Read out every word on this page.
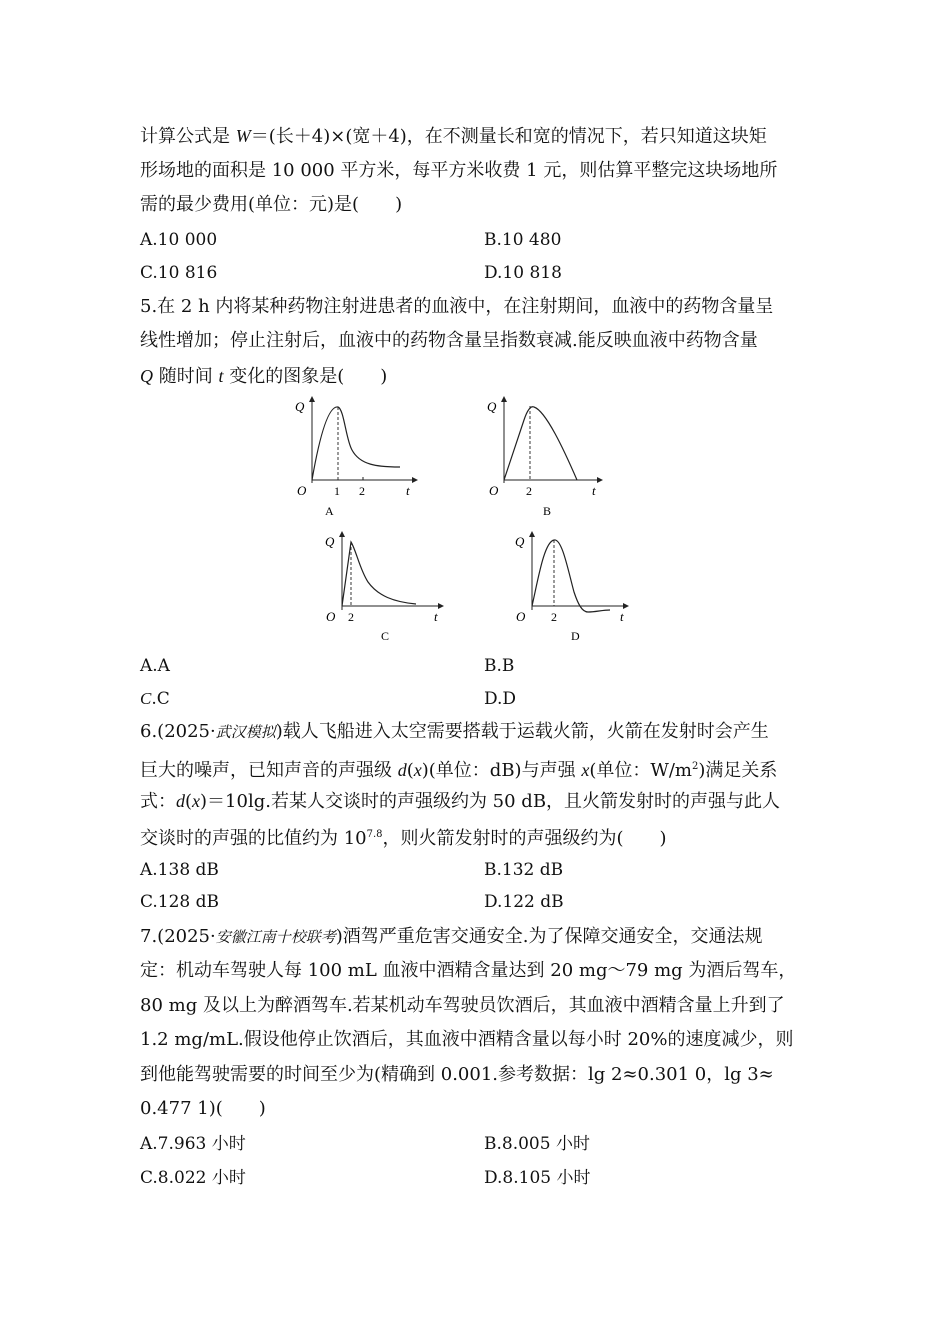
计算公式是 W＝(长＋4)×(宽＋4)，在不测量长和宽的情况下，若只知道这块矩
形场地的面积是 10 000 平方米，每平方米收费 1 元，则估算平整完这块场地所
需的最少费用(单位：元)是(　　)
A.10 000	B.10 480
C.10 816	D.10 818
5.在 2 h 内将某种药物注射进患者的血液中，在注射期间，血液中的药物含量呈
线性增加；停止注射后，血液中的药物含量呈指数衰减.能反映血液中药物含量
Q 随时间 t 变化的图象是(　　)
Q
O 1 2	t
A
Q
O 2	t
B
Q
O 2	t
C
Q
O 2	t
D
A.A	B.B
C.C	D.D
6.(2025·武汉模拟)载人飞船进入太空需要搭载于运载火箭，火箭在发射时会产生
巨大的噪声，已知声音的声强级 d(x)(单位：dB)与声强 x(单位：$W/m^2$)满足关系
式：d(x)＝10lg.若某人交谈时的声强级约为 50 dB，且火箭发射时的声强与此人
交谈时的声强的比值约为 $10^{7.8}$，则火箭发射时的声强级约为(　　)
A.138 dB	B.132 dB
C.128 dB	D.122 dB
7.(2025·安徽江南十校联考)酒驾严重危害交通安全.为了保障交通安全，交通法规
定：机动车驾驶人每 100 mL 血液中酒精含量达到 20 mg～79 mg 为酒后驾车，
80 mg 及以上为醉酒驾车.若某机动车驾驶员饮酒后，其血液中酒精含量上升到了
1.2 mg/mL.假设他停止饮酒后，其血液中酒精含量以每小时 20%的速度减少，则
到他能驾驶需要的时间至少为(精确到 0.001.参考数据：lg 2≈0.301 0，lg 3≈
0.477 1)(　　)
A.7.963 小时	B.8.005 小时
C.8.022 小时	D.8.105 小时
